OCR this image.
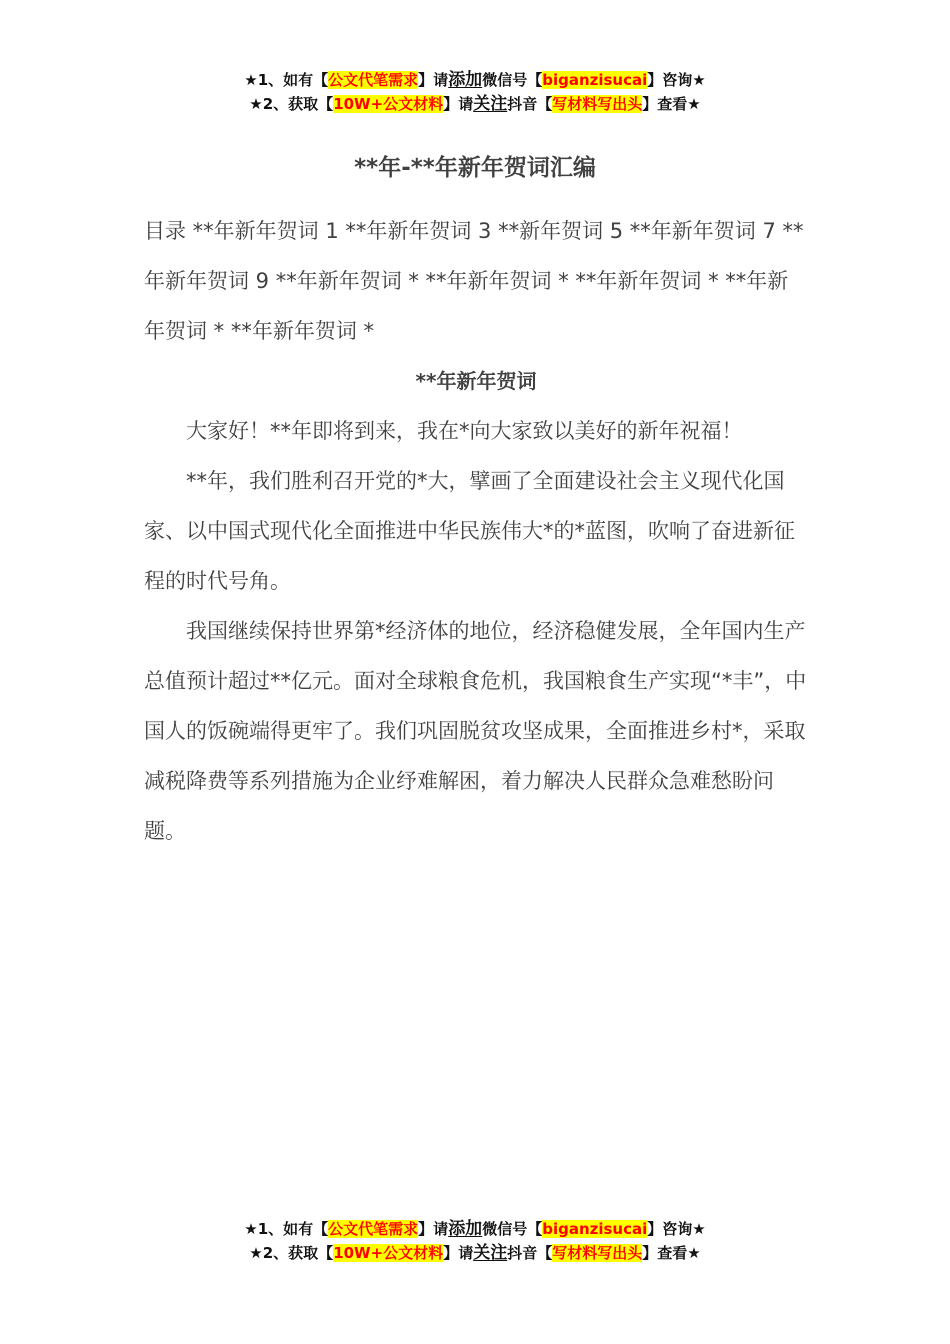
★1、如有【公文代笔需求】请添加微信号【biganzisucai】咨询★
★2、获取【10W+公文材料】请关注抖音【写材料写出头】查看★
**年-**年新年贺词汇编

目录 **年新年贺词 1 **年新年贺词 3 **新年贺词 5 **年新年贺词 7 **年新年贺词 9 **年新年贺词 * **年新年贺词 * **年新年贺词 * **年新年贺词 * **年新年贺词 *

**年新年贺词

大家好！**年即将到来，我在*向大家致以美好的新年祝福！

**年，我们胜利召开党的*大，擘画了全面建设社会主义现代化国家、以中国式现代化全面推进中华民族伟大*的*蓝图，吹响了奋进新征程的时代号角。

我国继续保持世界第*经济体的地位，经济稳健发展，全年国内生产总值预计超过**亿元。面对全球粮食危机，我国粮食生产实现“*丰”，中国人的饭碗端得更牢了。我们巩固脱贫攻坚成果，全面推进乡村*，采取减税降费等系列措施为企业纾难解困，着力解决人民群众急难愁盼问题。

★1、如有【公文代笔需求】请添加微信号【biganzisucai】咨询★
★2、获取【10W+公文材料】请关注抖音【写材料写出头】查看★
